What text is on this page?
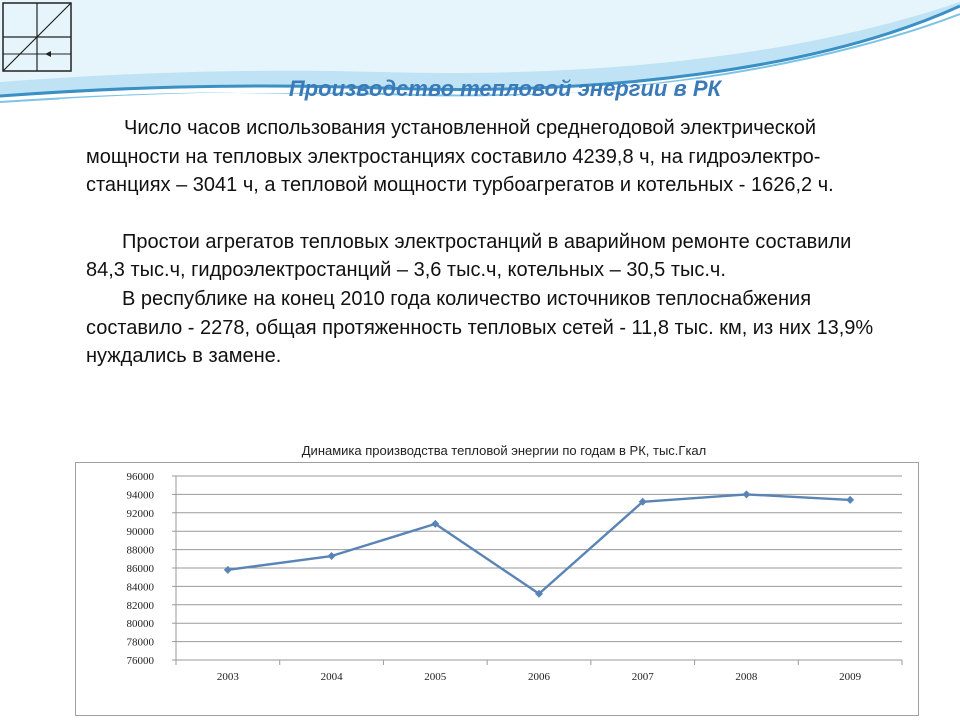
Производство тепловой энергии в РК

Число часов использования установленной среднегодовой электрической мощности на тепловых электростанциях составило 4239,8 ч, на гидроэлектро-станциях – 3041 ч, а тепловой мощности турбоагрегатов и котельных - 1626,2 ч.

Простои агрегатов тепловых электростанций в аварийном ремонте составили 84,3 тыс.ч, гидроэлектростанций – 3,6 тыс.ч, котельных – 30,5 тыс.ч.

В республике на конец 2010 года количество источников теплоснабжения составило - 2278, общая протяженность тепловых сетей - 11,8 тыс. км, из них 13,9% нуждались в замене.

Динамика производства тепловой энергии по годам в РК, тыс.Гкал
76000
78000
80000
82000
84000
86000
88000
90000
92000
94000
96000
2003	2004	2005	2006	2007	2008	2009
